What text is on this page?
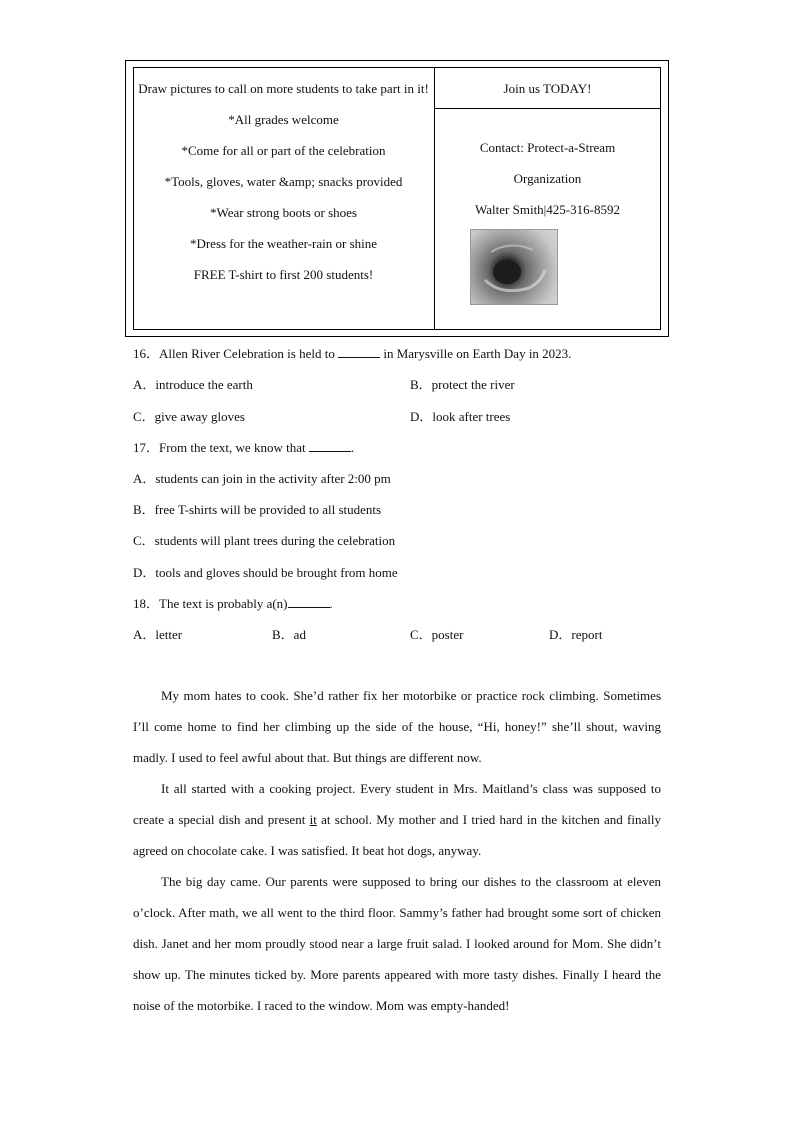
Draw pictures to call on more students to take part in it!
*All grades welcome
*Come for all or part of the celebration
*Tools, gloves, water &amp; snacks provided
*Wear strong boots or shoes
*Dress for the weather-rain or shine
FREE T-shirt to first 200 students!
Join us TODAY!
Contact: Protect-a-Stream
Organization
Walter Smith|425-316-8592
16．Allen River Celebration is held to	in Marysville on Earth Day in 2023.
A．introduce the earth	B．protect the river
C．give away gloves	D．look after trees
17．From the text, we know that	.
A．students can join in the activity after 2:00 pm
B．free T-shirts will be provided to all students
C．students will plant trees during the celebration
D．tools and gloves should be brought from home
18．The text is probably a(n)	.
A．letter	B．ad	C．poster	D．report

My mom hates to cook. She’d rather fix her motorbike or practice rock climbing. Sometimes I’ll come home to find her climbing up the side of the house, “Hi, honey!” she’ll shout, waving madly. I used to feel awful about that. But things are different now.

It all started with a cooking project. Every student in Mrs. Maitland’s class was supposed to create a special dish and present it at school. My mother and I tried hard in the kitchen and finally agreed on chocolate cake. I was satisfied. It beat hot dogs, anyway.

The big day came. Our parents were supposed to bring our dishes to the classroom at eleven o’clock. After math, we all went to the third floor. Sammy’s father had brought some sort of chicken dish. Janet and her mom proudly stood near a large fruit salad. I looked around for Mom. She didn’t show up. The minutes ticked by. More parents appeared with more tasty dishes. Finally I heard the noise of the motorbike. I raced to the window. Mom was empty-handed!
